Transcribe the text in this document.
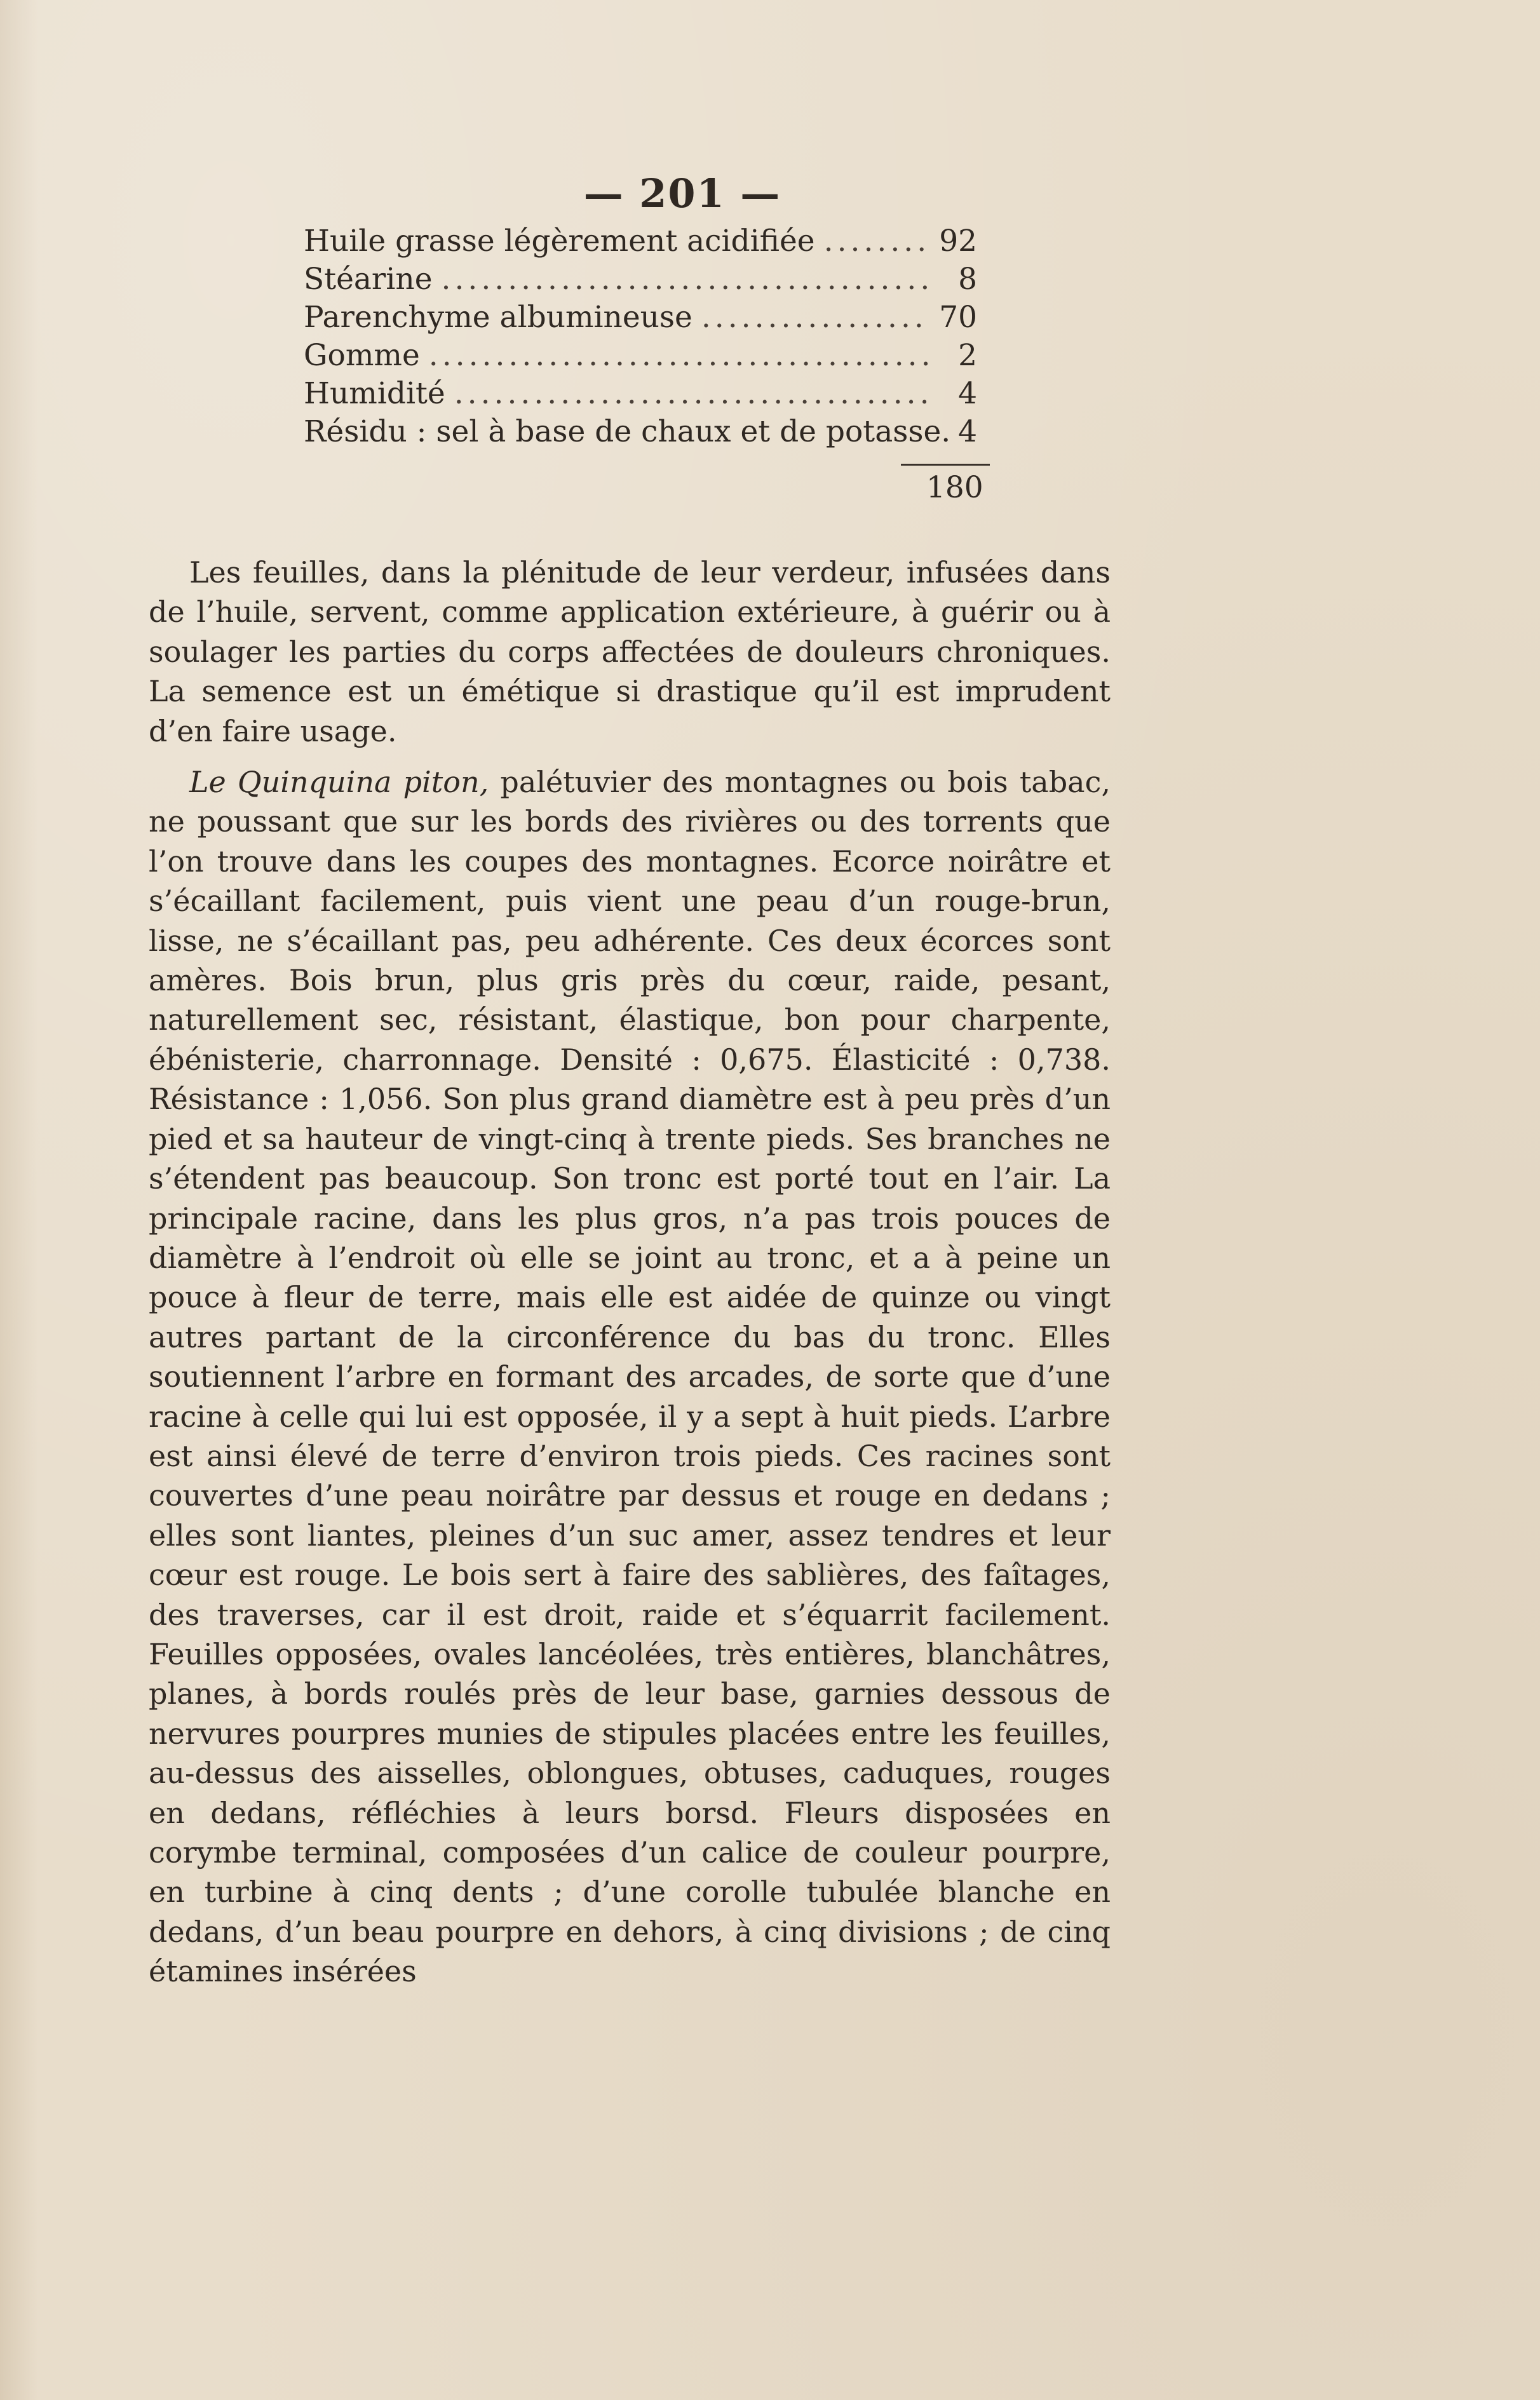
— 201 —
Huile grasse légèrement acidifiée .....	92
Stéarine .....	8
Parenchyme albumineuse .....	70
Gomme .....	2
Humidité .....	4
Résidu : sel à base de chaux et de potasse. 4
180

Les feuilles, dans la plénitude de leur verdeur, infusées dans de l’huile, servent, comme application extérieure, à guérir ou à soulager les parties du corps affectées de douleurs chroniques. La semence est un émétique si drastique qu’il est imprudent d’en faire usage.

Le Quinquina piton, palétuvier des montagnes ou bois tabac, ne poussant que sur les bords des rivières ou des torrents que l’on trouve dans les coupes des montagnes. Ecorce noirâtre et s’écaillant facilement, puis vient une peau d’un rouge-brun, lisse, ne s’écaillant pas, peu adhérente. Ces deux écorces sont amères. Bois brun, plus gris près du cœur, raide, pesant, naturellement sec, résistant, élastique, bon pour charpente, ébénisterie, charronnage. Densité : 0,675. Élasticité : 0,738. Résistance : 1,056. Son plus grand diamètre est à peu près d’un pied et sa hauteur de vingt-cinq à trente pieds. Ses branches ne s’étendent pas beaucoup. Son tronc est porté tout en l’air. La principale racine, dans les plus gros, n’a pas trois pouces de diamètre à l’endroit où elle se joint au tronc, et a à peine un pouce à fleur de terre, mais elle est aidée de quinze ou vingt autres partant de la circonférence du bas du tronc. Elles soutiennent l’arbre en formant des arcades, de sorte que d’une racine à celle qui lui est opposée, il y a sept à huit pieds. L’arbre est ainsi élevé de terre d’environ trois pieds. Ces racines sont couvertes d’une peau noirâtre par dessus et rouge en dedans ; elles sont liantes, pleines d’un suc amer, assez tendres et leur cœur est rouge. Le bois sert à faire des sablières, des faîtages, des traverses, car il est droit, raide et s’équarrit facilement. Feuilles opposées, ovales lancéolées, très entières, blanchâtres, planes, à bords roulés près de leur base, garnies dessous de nervures pourpres munies de stipules placées entre les feuilles, au-dessus des aisselles, oblongues, obtuses, caduques, rouges en dedans, réfléchies à leurs borsd. Fleurs disposées en corymbe terminal, composées d’un calice de couleur pourpre, en turbine à cinq dents ; d’une corolle tubulée blanche en dedans, d’un beau pourpre en dehors, à cinq divisions ; de cinq étamines insérées
